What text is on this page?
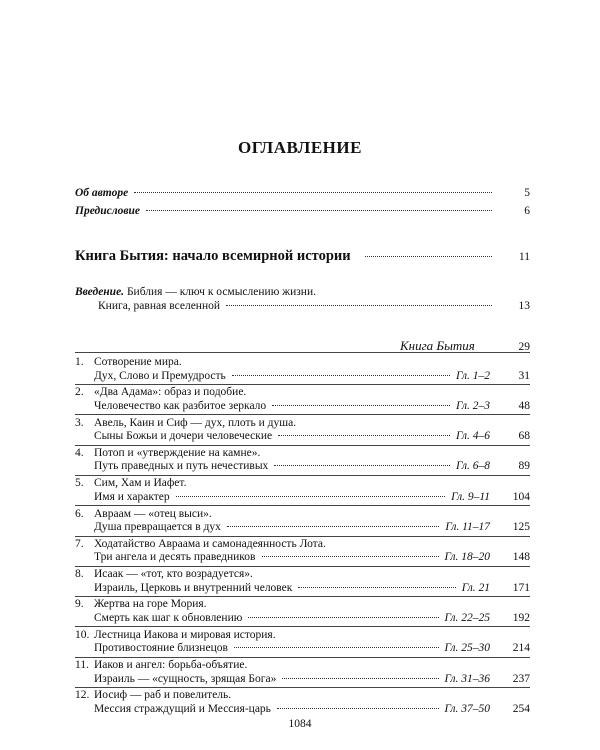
ОГЛАВЛЕНИЕ
Об авторе	5
Предисловие	6
Книга Бытия: начало всемирной истории	11
Введение. Библия — ключ к осмыслению жизни.
Книга, равная вселенной	13
Книга Бытия	29
1. Сотворение мира.
Дух, Слово и Премудрость	Гл. 1–2	31
2. «Два Адама»: образ и подобие.
Человечество как разбитое зеркало	Гл. 2–3	48
3. Авель, Каин и Сиф — дух, плоть и душа.
Сыны Божьи и дочери человеческие	Гл. 4–6	68
4. Потоп и «утверждение на камне».
Путь праведных и путь нечестивых	Гл. 6–8	89
5. Сим, Хам и Иафет.
Имя и характер	Гл. 9–11	104
6. Авраам — «отец выси».
Душа превращается в дух	Гл. 11–17	125
7. Ходатайство Авраама и самонадеянность Лота.
Три ангела и десять праведников	Гл. 18–20	148
8. Исаак — «тот, кто возрадуется».
Израиль, Церковь и внутренний человек	Гл. 21	171
9. Жертва на горе Мория.
Смерть как шаг к обновлению	Гл. 22–25	192
10. Лестница Иакова и мировая история.
Противостояние близнецов	Гл. 25–30	214
11. Иаков и ангел: борьба-объятие.
Израиль — «сущность, зрящая Бога»	Гл. 31–36	237
12. Иосиф — раб и повелитель.
Мессия страждущий и Мессия-царь	Гл. 37–50	254
1084
